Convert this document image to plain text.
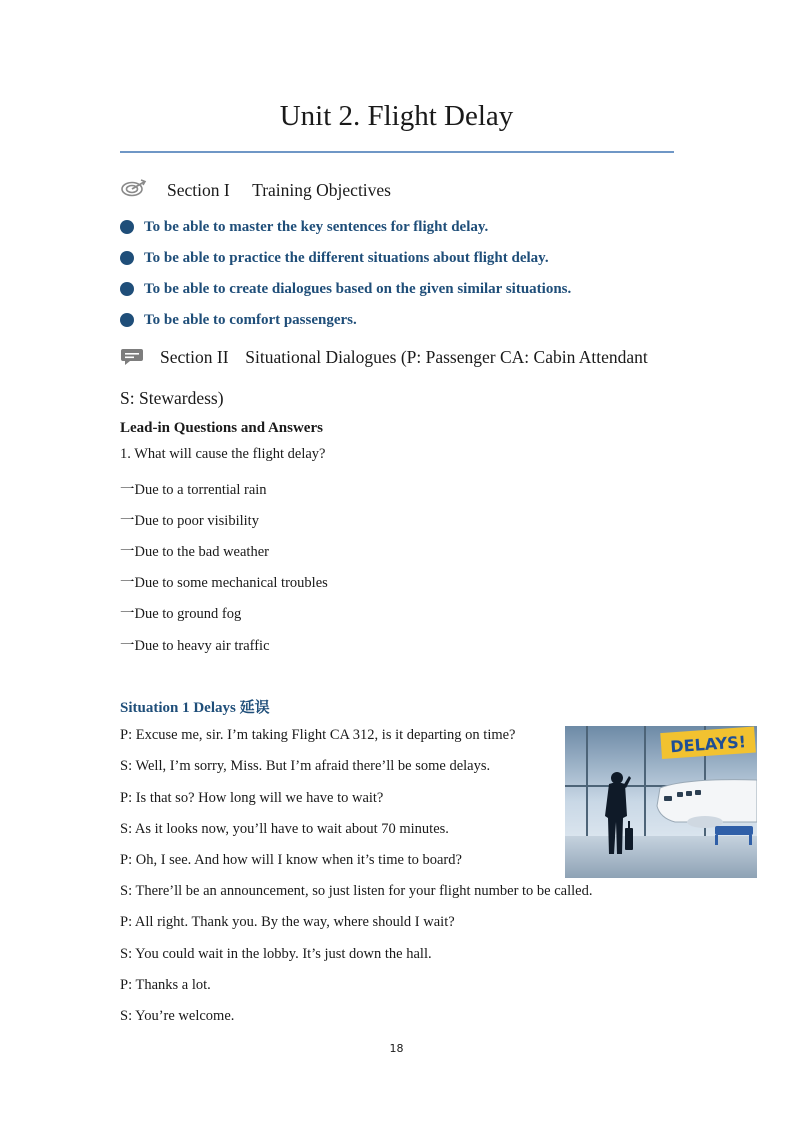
Unit 2. Flight Delay
Section I Training Objectives
To be able to master the key sentences for flight delay.
To be able to practice the different situations about flight delay.
To be able to create dialogues based on the given similar situations.
To be able to comfort passengers.
Section II Situational Dialogues (P: Passenger CA: Cabin Attendant
S: Stewardess)
Lead-in Questions and Answers
1. What will cause the flight delay?
一Due to a torrential rain
一Due to poor visibility
一Due to the bad weather
一Due to some mechanical troubles
一Due to ground fog
一Due to heavy air traffic
Situation 1 Delays 延误
P: Excuse me, sir. I’m taking Flight CA 312, is it departing on time?
S: Well, I’m sorry, Miss. But I’m afraid there’ll be some delays.
P: Is that so? How long will we have to wait?
S: As it looks now, you’ll have to wait about 70 minutes.
P: Oh, I see. And how will I know when it’s time to board?
S: There’ll be an announcement, so just listen for your flight number to be called.
P: All right. Thank you. By the way, where should I wait?
S: You could wait in the lobby. It’s just down the hall.
P: Thanks a lot.
S: You’re welcome.
DELAYS!
18
